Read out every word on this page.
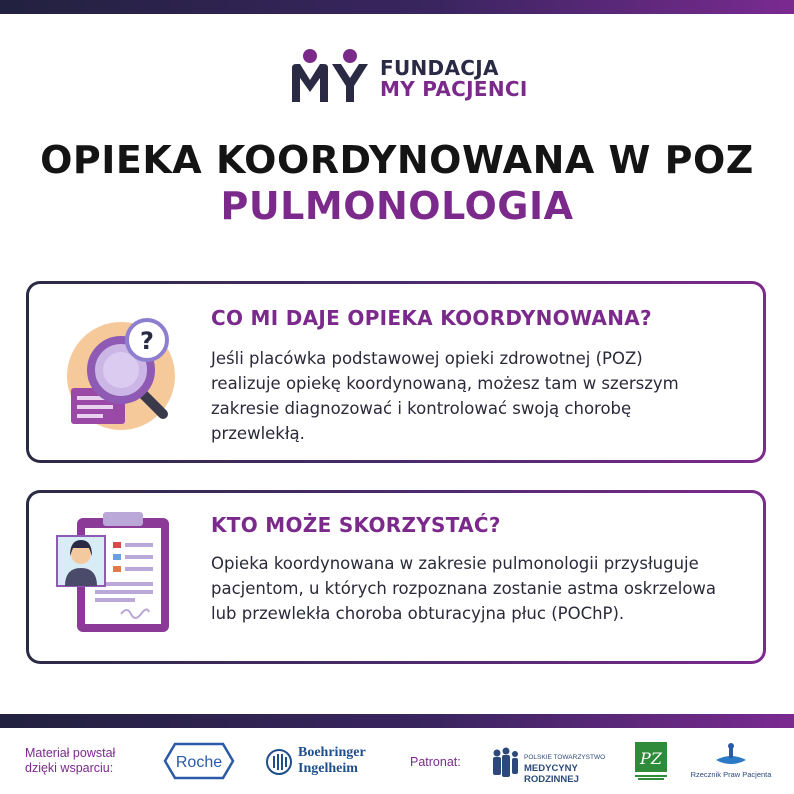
FUNDACJA
MY PACJENCI
OPIEKA KOORDYNOWANA W POZ
PULMONOLOGIA
?
CO MI DAJE OPIEKA KOORDYNOWANA?

Jeśli placówka podstawowej opieki zdrowotnej (POZ)
realizuje opiekę koordynowaną, możesz tam w szerszym
zakresie diagnozować i kontrolować swoją chorobę
przewlekłą.

KTO MOŻE SKORZYSTAĆ?

Opieka koordynowana w zakresie pulmonologii przysługuje
pacjentom, u których rozpoznana zostanie astma oskrzelowa
lub przewlekła choroba obturacyjna płuc (POChP).

Materiał powstał
dzięki wsparciu:	Roche
Boehringer
Ingelheim	Patronat:	POLSKIE TOWARZYSTWO
MEDYCYNY RODZINNEJ
PZ
Rzecznik Praw Pacjenta
